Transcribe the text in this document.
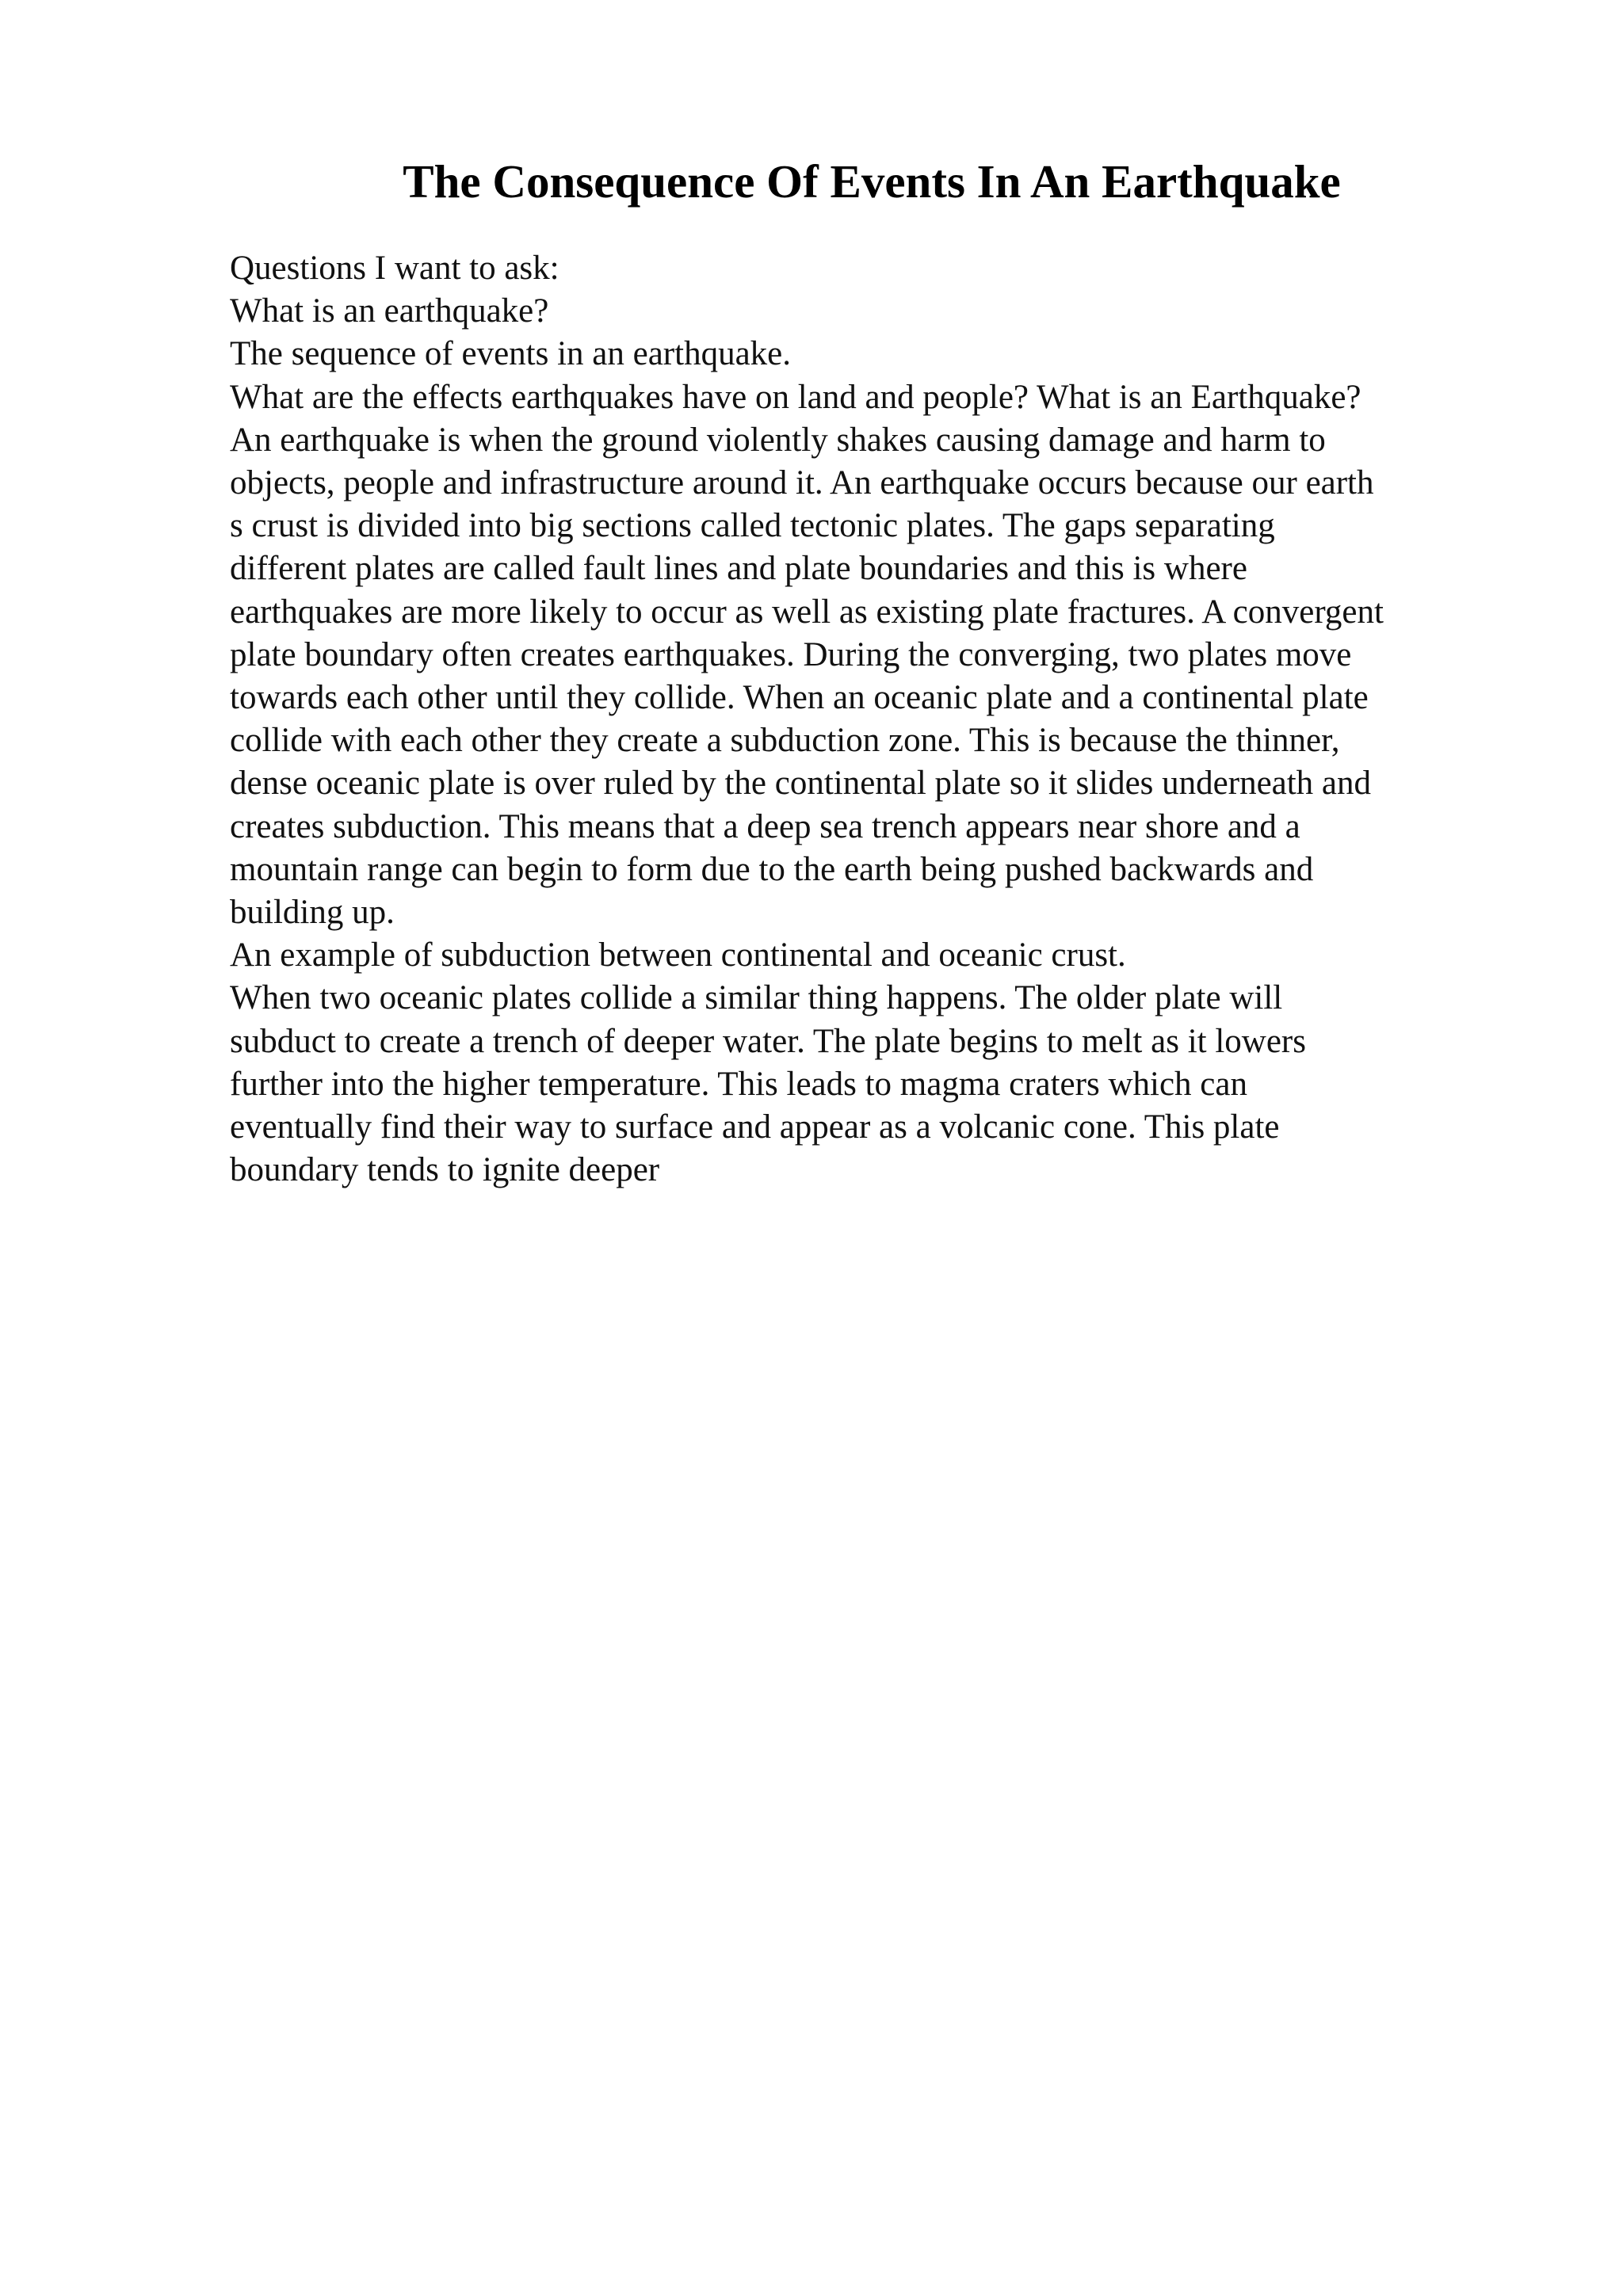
The Consequence Of Events In An Earthquake
Questions I want to ask:
What is an earthquake?
The sequence of events in an earthquake.
What are the effects earthquakes have on land and people? What is an Earthquake?
An earthquake is when the ground violently shakes causing damage and harm to
objects, people and infrastructure around it. An earthquake occurs because our earth
s crust is divided into big sections called tectonic plates. The gaps separating
different plates are called fault lines and plate boundaries and this is where
earthquakes are more likely to occur as well as existing plate fractures. A convergent
plate boundary often creates earthquakes. During the converging, two plates move
towards each other until they collide. When an oceanic plate and a continental plate
collide with each other they create a subduction zone. This is because the thinner,
dense oceanic plate is over ruled by the continental plate so it slides underneath and
creates subduction. This means that a deep sea trench appears near shore and a
mountain range can begin to form due to the earth being pushed backwards and
building up.
An example of subduction between continental and oceanic crust.
When two oceanic plates collide a similar thing happens. The older plate will
subduct to create a trench of deeper water. The plate begins to melt as it lowers
further into the higher temperature. This leads to magma craters which can
eventually find their way to surface and appear as a volcanic cone. This plate
boundary tends to ignite deeper
